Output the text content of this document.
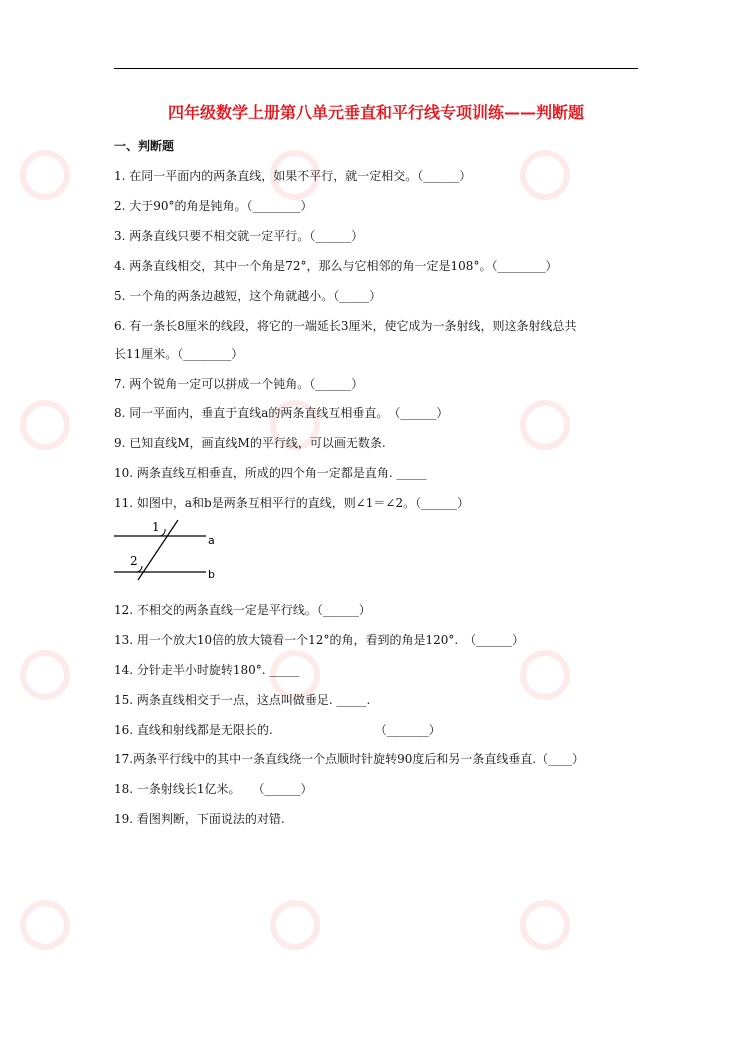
四年级数学上册第八单元垂直和平行线专项训练——判断题
一、判断题
1. 在同一平面内的两条直线，如果不平行，就一定相交。（______）
2. 大于90°的角是钝角。（________）
3. 两条直线只要不相交就一定平行。（______）
4. 两条直线相交，其中一个角是72°，那么与它相邻的角一定是108°。（________）
5. 一个角的两条边越短，这个角就越小。（_____）
6. 有一条长8厘米的线段，将它的一端延长3厘米，使它成为一条射线，则这条射线总共
长11厘米。（________）
7. 两个锐角一定可以拼成一个钝角。（______）
8. 同一平面内，垂直于直线a的两条直线互相垂直。　（______）
9. 已知直线M，画直线M的平行线，可以画无数条.
10. 两条直线互相垂直，所成的四个角一定都是直角. _____
11. 如图中，a和b是两条互相平行的直线，则∠1＝∠2。（______）
1
2
a
b
12. 不相交的两条直线一定是平行线。（______）
13. 用一个放大10倍的放大镜看一个12°的角，看到的角是120°.　（______）
14. 分针走半小时旋转180°. _____
15. 两条直线相交于一点，这点叫做垂足. _____.
16. 直线和射线都是无限长的.　　　　　　　　　（_______）
17.两条平行线中的其中一条直线绕一个点顺时针旋转90度后和另一条直线垂直.（____）
18. 一条射线长1亿米。　　（______）
19. 看图判断，下面说法的对错.
